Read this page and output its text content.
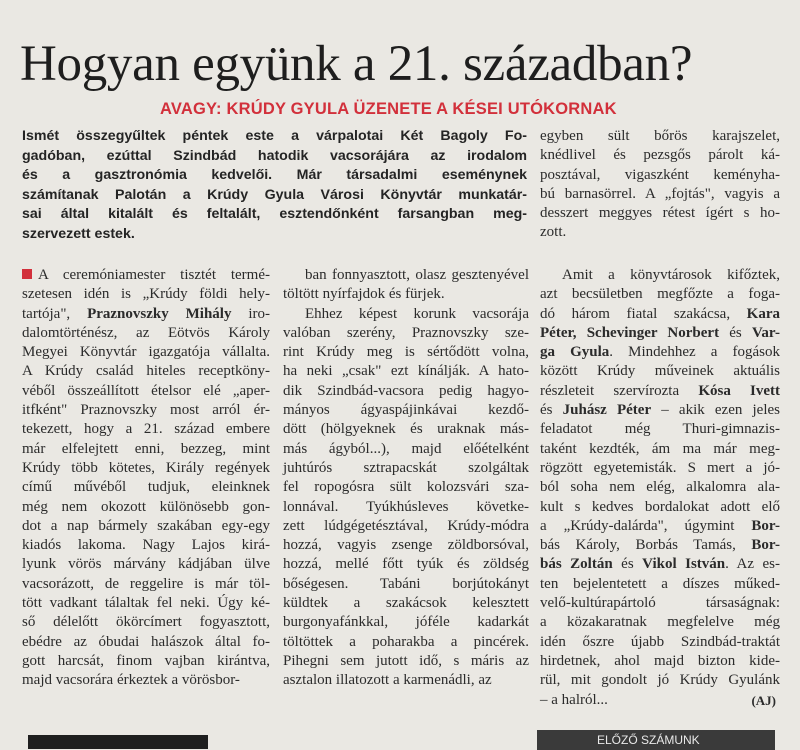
Hogyan együnk a 21. században?
AVAGY: KRÚDY GYULA ÜZENETE A KÉSEI UTÓKORNAK
Ismét összegyűltek péntek este a várpalotai Két Bagoly Fo-
gadóban, ezúttal Szindbád hatodik vacsorájára az irodalom
és a gasztronómia kedvelői. Már társadalmi eseménynek
számítanak Palotán a Krúdy Gyula Városi Könyvtár munkatár-
sai által kitalált és feltalált, esztendőnként farsangban meg-
szervezett estek.
A ceremóniamester tisztét termé-
szetesen idén is „Krúdy földi hely-
tartója", Praznovszky Mihály iro-
dalomtörténész, az Eötvös Károly
Megyei Könyvtár igazgatója vállalta.
A Krúdy család hiteles receptköny-
véből összeállított ételsor elé „aper-
itfként" Praznovszky most arról ér-
tekezett, hogy a 21. század embere
már elfelejtett enni, bezzeg, mint
Krúdy több kötetes, Király regények
című művéből tudjuk, eleinknek
még nem okozott különösebb gon-
dot a nap bármely szakában egy-egy
kiadós lakoma. Nagy Lajos kirá-
lyunk vörös márvány kádjában ülve
vacsorázott, de reggelire is már töl-
tött vadkant tálaltak fel neki. Úgy ké-
ső délelőtt ökörcímert fogyasztott,
ebédre az óbudai halászok által fo-
gott harcsát, finom vajban kirántva,
majd vacsorára érkeztek a vörösbor-
ban fonnyasztott, olasz gesztenyével
töltött nyírfajdok és fürjek.
Ehhez képest korunk vacsorája
valóban szerény, Praznovszky sze-
rint Krúdy meg is sértődött volna,
ha neki „csak" ezt kínálják. A hato-
dik Szindbád-vacsora pedig hagyo-
mányos ágyaspájinkávai kezdő-
dött (hölgyeknek és uraknak más-
más ágyból...), majd előételként
juhtúrós sztrapacskát szolgáltak
fel ropogósra sült kolozsvári sza-
lonnával. Tyúkhúsleves követke-
zett lúdgégetésztával, Krúdy-módra
hozzá, vagyis zsenge zöldborsóval,
hozzá, mellé főtt tyúk és zöldség
bőségesen. Tabáni borjútokányt
küldtek a szakácsok kelesztett
burgonyafánkkal, jóféle kadarkát
töltöttek a poharakba a pincérek.
Pihegni sem jutott idő, s máris az
asztalon illatozott a karmenádli, az
egyben sült bőrös karajszelet,
knédlivel és pezsgős párolt ká-
posztával, vigaszként keményha-
bú barnasörrel. A „fojtás", vagyis a
desszert meggyes rétest ígért s ho-
zott.
Amit a könyvtárosok kifőztek,
azt becsületben megfőzte a foga-
dó három fiatal szakácsa, Kara
Péter, Schevinger Norbert és Var-
ga Gyula. Mindehhez a fogások
között Krúdy műveinek aktuális
részleteit szervírozta Kósa Ivett
és Juhász Péter – akik ezen jeles
feladatot még Thuri-gimnazis-
taként kezdték, ám ma már meg-
rögzött egyetemisták. S mert a jó-
ból soha nem elég, alkalomra ala-
kult s kedves bordalokat adott elő
a „Krúdy-dalárda", úgymint Bor-
bás Károly, Borbás Tamás, Bor-
bás Zoltán és Vikol István. Az es-
ten bejelentetett a díszes műked-
velő-kultúrapártoló társaságnak:
a közakaratnak megfelelve még
idén őszre újabb Szindbád-traktát
hirdetnek, ahol majd bizton kide-
rül, mit gondolt jó Krúdy Gyulánk
– a halról...	(AJ)
ELŐZŐ SZÁMUNK
